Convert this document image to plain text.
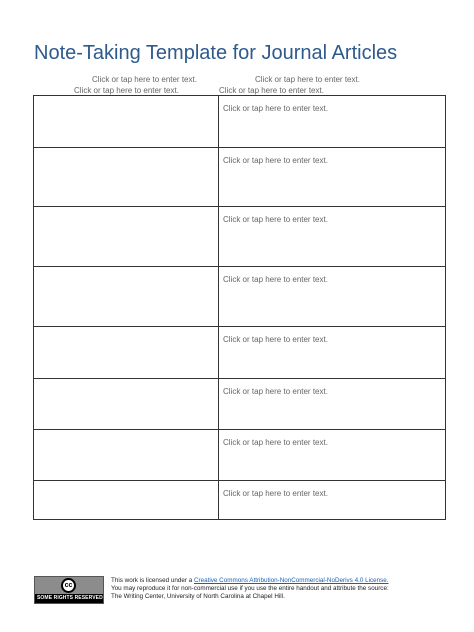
Note-Taking Template for Journal Articles
Click or tap here to enter text.	Click or tap here to enter text.
Click or tap here to enter text.	Click or tap here to enter text.
	Click or tap here to enter text.
	Click or tap here to enter text.
	Click or tap here to enter text.
	Click or tap here to enter text.
	Click or tap here to enter text.
	Click or tap here to enter text.
	Click or tap here to enter text.
	Click or tap here to enter text.
cc
SOME RIGHTS RESERVED
This work is licensed under a Creative Commons Attribution-NonCommercial-NoDerivs 4.0 License.
You may reproduce it for non-commercial use if you use the entire handout and attribute the source:
The Writing Center, University of North Carolina at Chapel Hill.
